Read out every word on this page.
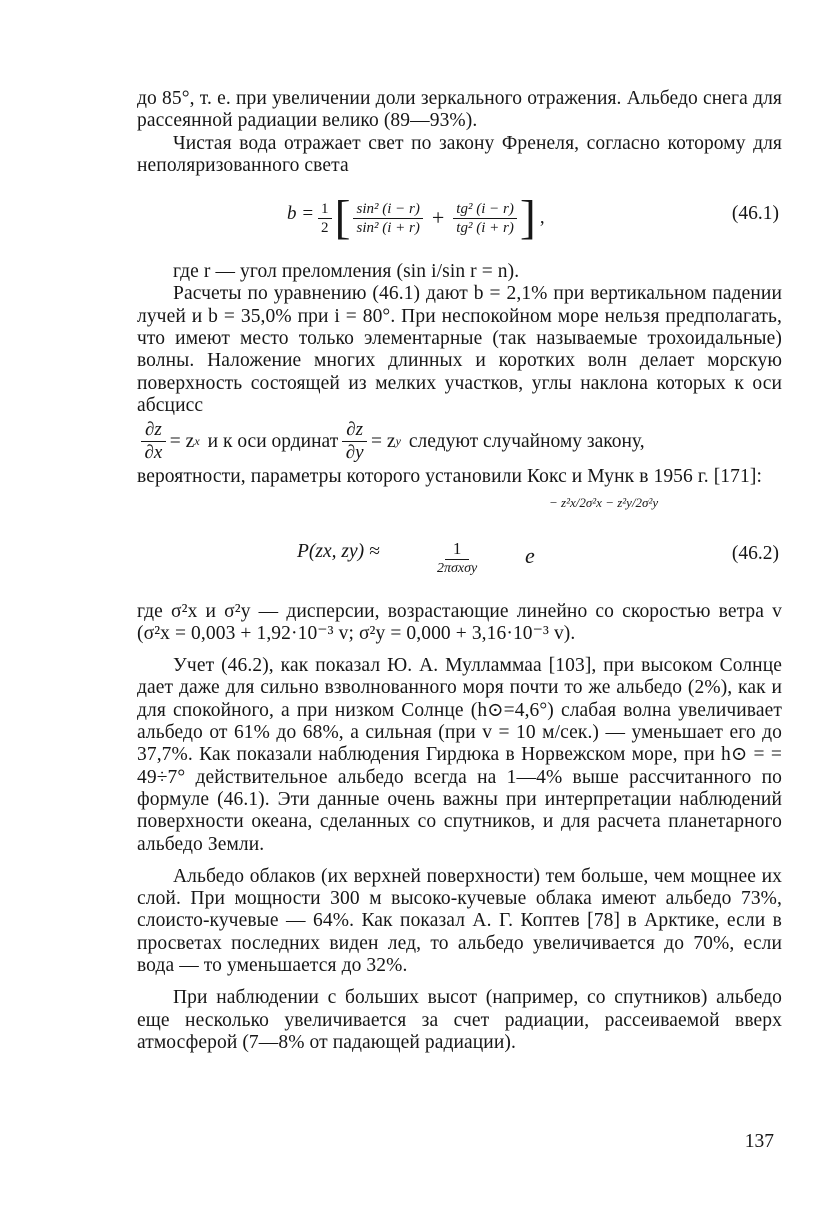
до 85°, т. е. при увеличении доли зеркального отражения. Альбедо снега для рассеянной радиации велико (89—93%).

Чистая вода отражает свет по закону Френеля, согласно которому для неполяризованного света

$b = \frac{1}{2}$ [ $\frac{\text{sin² (i − r)}}{\text{sin² (i + r)}} + \frac{\text{tg² (i − r)}}{\text{tg² (i + r)}}$ ] ,	(46.1)

где r — угол преломления (sin i/sin r = n).

Расчеты по уравнению (46.1) дают b = 2,1% при вертикальном падении лучей и b = 35,0% при i = 80°. При неспокойном море нельзя предполагать, что имеют место только элементарные (так называемые трохоидальные) волны. Наложение многих длинных и коротких волн делает морскую поверхность состоящей из мелких участков, углы наклона которых к оси абсцисс

$\frac{\partial z}{\partial x} = z$ x и к оси ординат $\frac{\partial z}{\partial y} = z$ y следуют случайному закону,

вероятности, параметры которого установили Кокс и Мунк в 1956 г. [171]:

P(zx, zy) ≈	1
2πσxσy
e
− z²x/2σ²x − z²y/2σ²y
(46.2)

где σ²x и σ²y — дисперсии, возрастающие линейно со скоростью ветра v (σ²x = 0,003 + 1,92·10⁻³ v; σ²y = 0,000 + 3,16·10⁻³ v).

Учет (46.2), как показал Ю. А. Мулламмаа [103], при высоком Солнце дает даже для сильно взволнованного моря почти то же альбедо (2%), как и для спокойного, а при низком Солнце (h⊙=4,6°) слабая волна увеличивает альбедо от 61% до 68%, а сильная (при v = 10 м/сек.) — уменьшает его до 37,7%. Как показали наблюдения Гирдюка в Норвежском море, при h⊙ = = 49÷7° действительное альбедо всегда на 1—4% выше рассчитанного по формуле (46.1). Эти данные очень важны при интерпретации наблюдений поверхности океана, сделанных со спутников, и для расчета планетарного альбедо Земли.

Альбедо облаков (их верхней поверхности) тем больше, чем мощнее их слой. При мощности 300 м высоко-кучевые облака имеют альбедо 73%, слоисто-кучевые — 64%. Как показал А. Г. Коптев [78] в Арктике, если в просветах последних виден лед, то альбедо увеличивается до 70%, если вода — то уменьшается до 32%.

При наблюдении с больших высот (например, со спутников) альбедо еще несколько увеличивается за счет радиации, рассеиваемой вверх атмосферой (7—8% от падающей радиации).

137
